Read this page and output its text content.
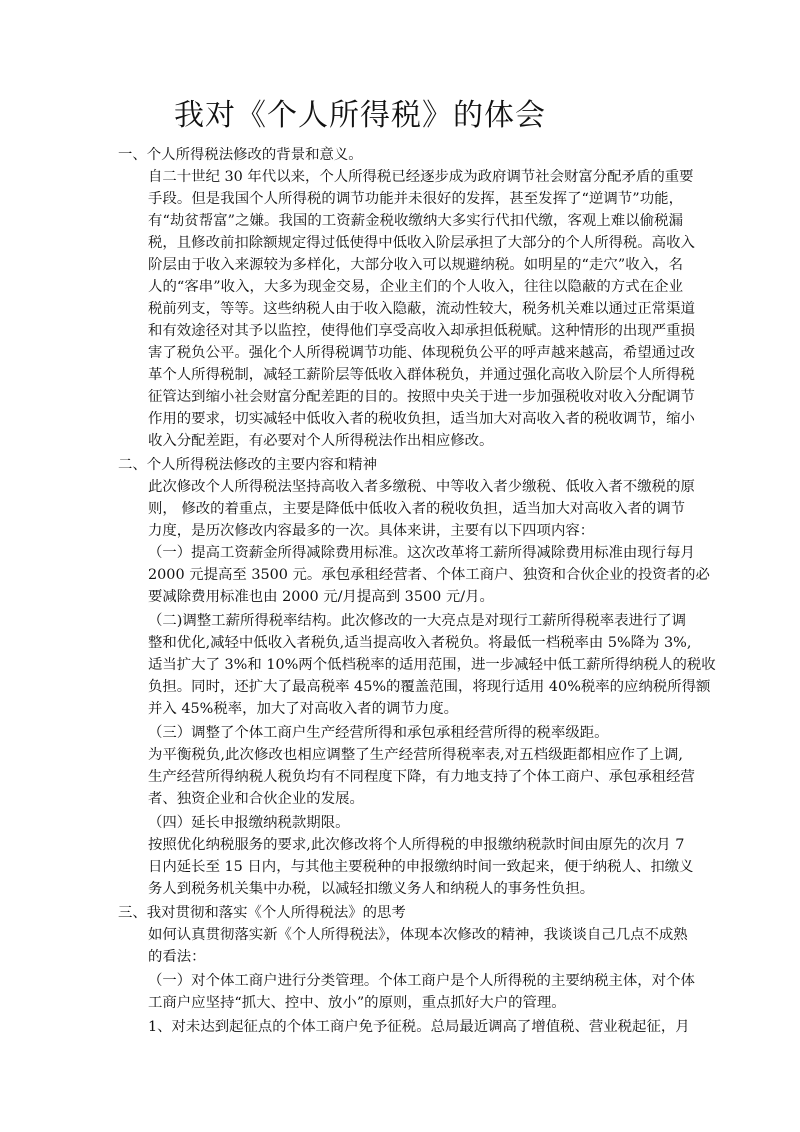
我对《个人所得税》的体会

一、个人所得税法修改的背景和意义。

自二十世纪 30 年代以来，个人所得税已经逐步成为政府调节社会财富分配矛盾的重要

手段。但是我国个人所得税的调节功能并未很好的发挥，甚至发挥了“逆调节”功能，

有“劫贫帮富”之嫌。我国的工资薪金税收缴纳大多实行代扣代缴，客观上难以偷税漏

税，且修改前扣除额规定得过低使得中低收入阶层承担了大部分的个人所得税。高收入

阶层由于收入来源较为多样化，大部分收入可以规避纳税。如明星的“走穴”收入，名

人的“客串”收入，大多为现金交易，企业主们的个人收入，往往以隐蔽的方式在企业

税前列支，等等。这些纳税人由于收入隐蔽，流动性较大，税务机关难以通过正常渠道

和有效途径对其予以监控，使得他们享受高收入却承担低税赋。这种情形的出现严重损

害了税负公平。强化个人所得税调节功能、体现税负公平的呼声越来越高，希望通过改

革个人所得税制，减轻工薪阶层等低收入群体税负，并通过强化高收入阶层个人所得税

征管达到缩小社会财富分配差距的目的。按照中央关于进一步加强税收对收入分配调节

作用的要求，切实减轻中低收入者的税收负担，适当加大对高收入者的税收调节，缩小

收入分配差距，有必要对个人所得税法作出相应修改。

二、个人所得税法修改的主要内容和精神

此次修改个人所得税法坚持高收入者多缴税、中等收入者少缴税、低收入者不缴税的原

则， 修改的着重点，主要是降低中低收入者的税收负担，适当加大对高收入者的调节

力度，是历次修改内容最多的一次。具体来讲，主要有以下四项内容：

（一）提高工资薪金所得减除费用标准。这次改革将工薪所得减除费用标准由现行每月

2000 元提高至 3500 元。承包承租经营者、个体工商户、独资和合伙企业的投资者的必

要减除费用标准也由 2000 元/月提高到 3500 元/月。

（二)调整工薪所得税率结构。此次修改的一大亮点是对现行工薪所得税率表进行了调

整和优化,减轻中低收入者税负,适当提高收入者税负。将最低一档税率由 5%降为 3%,

适当扩大了 3%和 10%两个低档税率的适用范围，进一步减轻中低工薪所得纳税人的税收

负担。同时，还扩大了最高税率 45%的覆盖范围，将现行适用 40%税率的应纳税所得额

并入 45%税率，加大了对高收入者的调节力度。

（三）调整了个体工商户生产经营所得和承包承租经营所得的税率级距。

为平衡税负,此次修改也相应调整了生产经营所得税率表,对五档级距都相应作了上调,

生产经营所得纳税人税负均有不同程度下降，有力地支持了个体工商户、承包承租经营

者、独资企业和合伙企业的发展。

（四）延长申报缴纳税款期限。

按照优化纳税服务的要求,此次修改将个人所得税的申报缴纳税款时间由原先的次月 7

日内延长至 15 日内，与其他主要税种的申报缴纳时间一致起来，便于纳税人、扣缴义

务人到税务机关集中办税，以减轻扣缴义务人和纳税人的事务性负担。

三、我对贯彻和落实《个人所得税法》的思考

如何认真贯彻落实新《个人所得税法》，体现本次修改的精神，我谈谈自己几点不成熟

的看法：

（一）对个体工商户进行分类管理。个体工商户是个人所得税的主要纳税主体，对个体

工商户应坚持“抓大、控中、放小”的原则，重点抓好大户的管理。

1、对未达到起征点的个体工商户免予征税。总局最近调高了增值税、营业税起征，月
